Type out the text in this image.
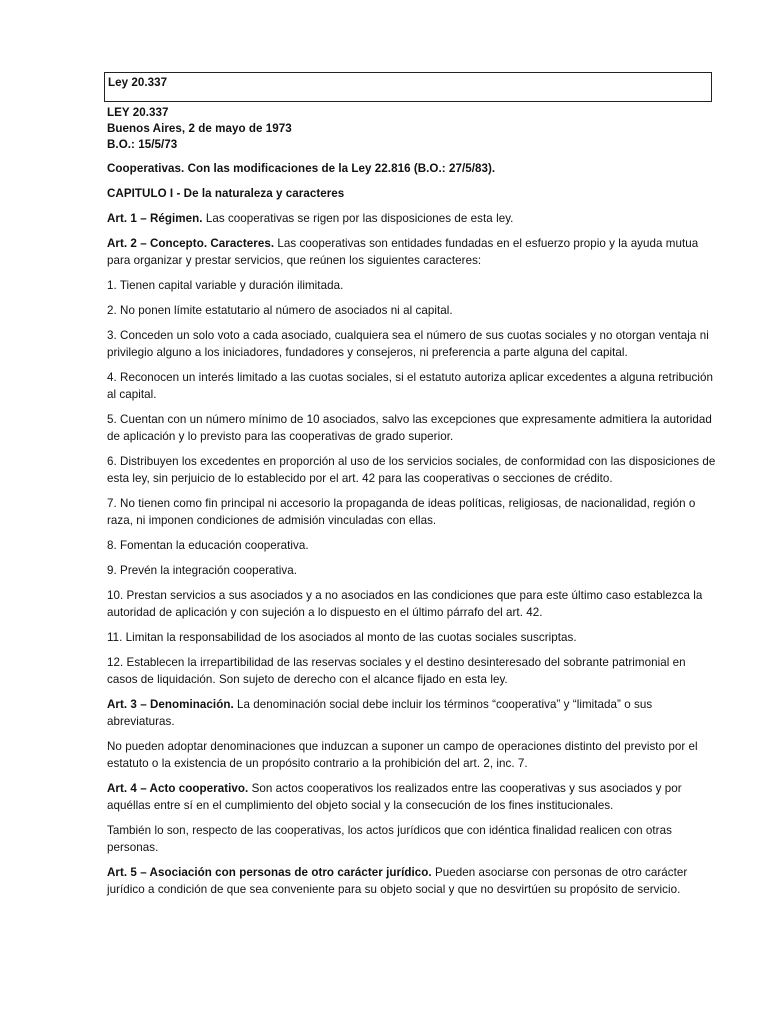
Ley 20.337
LEY 20.337
Buenos Aires, 2 de mayo de 1973
B.O.: 15/5/73

Cooperativas. Con las modificaciones de la Ley 22.816 (B.O.: 27/5/83).

CAPITULO I - De la naturaleza y caracteres

Art. 1 – Régimen. Las cooperativas se rigen por las disposiciones de esta ley.

Art. 2 – Concepto. Caracteres. Las cooperativas son entidades fundadas en el esfuerzo propio y la ayuda mutua para organizar y prestar servicios, que reúnen los siguientes caracteres:

1. Tienen capital variable y duración ilimitada.

2. No ponen límite estatutario al número de asociados ni al capital.

3. Conceden un solo voto a cada asociado, cualquiera sea el número de sus cuotas sociales y no otorgan ventaja ni privilegio alguno a los iniciadores, fundadores y consejeros, ni preferencia a parte alguna del capital.

4. Reconocen un interés limitado a las cuotas sociales, si el estatuto autoriza aplicar excedentes a alguna retribución al capital.

5. Cuentan con un número mínimo de 10 asociados, salvo las excepciones que expresamente admitiera la autoridad de aplicación y lo previsto para las cooperativas de grado superior.

6. Distribuyen los excedentes en proporción al uso de los servicios sociales, de conformidad con las disposiciones de esta ley, sin perjuicio de lo establecido por el art. 42 para las cooperativas o secciones de crédito.

7. No tienen como fin principal ni accesorio la propaganda de ideas políticas, religiosas, de nacionalidad, región o raza, ni imponen condiciones de admisión vinculadas con ellas.

8. Fomentan la educación cooperativa.

9. Prevén la integración cooperativa.

10. Prestan servicios a sus asociados y a no asociados en las condiciones que para este último caso establezca la autoridad de aplicación y con sujeción a lo dispuesto en el último párrafo del art. 42.

11. Limitan la responsabilidad de los asociados al monto de las cuotas sociales suscriptas.

12. Establecen la irrepartibilidad de las reservas sociales y el destino desinteresado del sobrante patrimonial en casos de liquidación. Son sujeto de derecho con el alcance fijado en esta ley.

Art. 3 – Denominación. La denominación social debe incluir los términos “cooperativa” y “limitada” o sus abreviaturas.

No pueden adoptar denominaciones que induzcan a suponer un campo de operaciones distinto del previsto por el estatuto o la existencia de un propósito contrario a la prohibición del art. 2, inc. 7.

Art. 4 – Acto cooperativo. Son actos cooperativos los realizados entre las cooperativas y sus asociados y por aquéllas entre sí en el cumplimiento del objeto social y la consecución de los fines institucionales.

También lo son, respecto de las cooperativas, los actos jurídicos que con idéntica finalidad realicen con otras personas.

Art. 5 – Asociación con personas de otro carácter jurídico. Pueden asociarse con personas de otro carácter jurídico a condición de que sea conveniente para su objeto social y que no desvirtúen su propósito de servicio.
